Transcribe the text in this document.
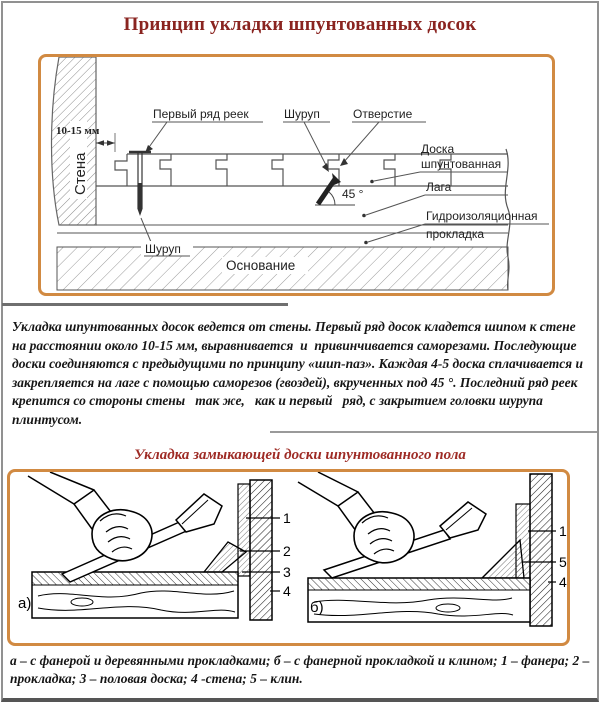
Принцип укладки шпунтованных досок
Стена
10-15 мм
45 °
Первый ряд реек	Шуруп	Отверстие
Доска
шпунтованная
Лага
Гидроизоляционная
прокладка
Шуруп
Основание
Укладка шпунтованных досок ведется от стены. Первый ряд досок кладется шипом к стене на расстоянии около 10-15 мм, выравнивается  и  привинчивается саморезами. Последующие доски соединяются с предыдущими по принципу «шип-паз». Каждая 4-5 доска сплачивается и закрепляется на лаге с помощью саморезов (гвоздей), вкрученных под 45 °. Последний ряд реек крепится со стороны стены   так же,   как и первый   ряд, с закрытием головки шурупа плинтусом.
Укладка замыкающей доски шпунтованного пола
1
2
3
4
а)
1
5
4
б)
а – с фанерой и деревянными прокладками; б – с фанерной прокладкой и клином; 1 – фанера; 2 – прокладка; 3 – половая доска; 4 -стена; 5 – клин.
